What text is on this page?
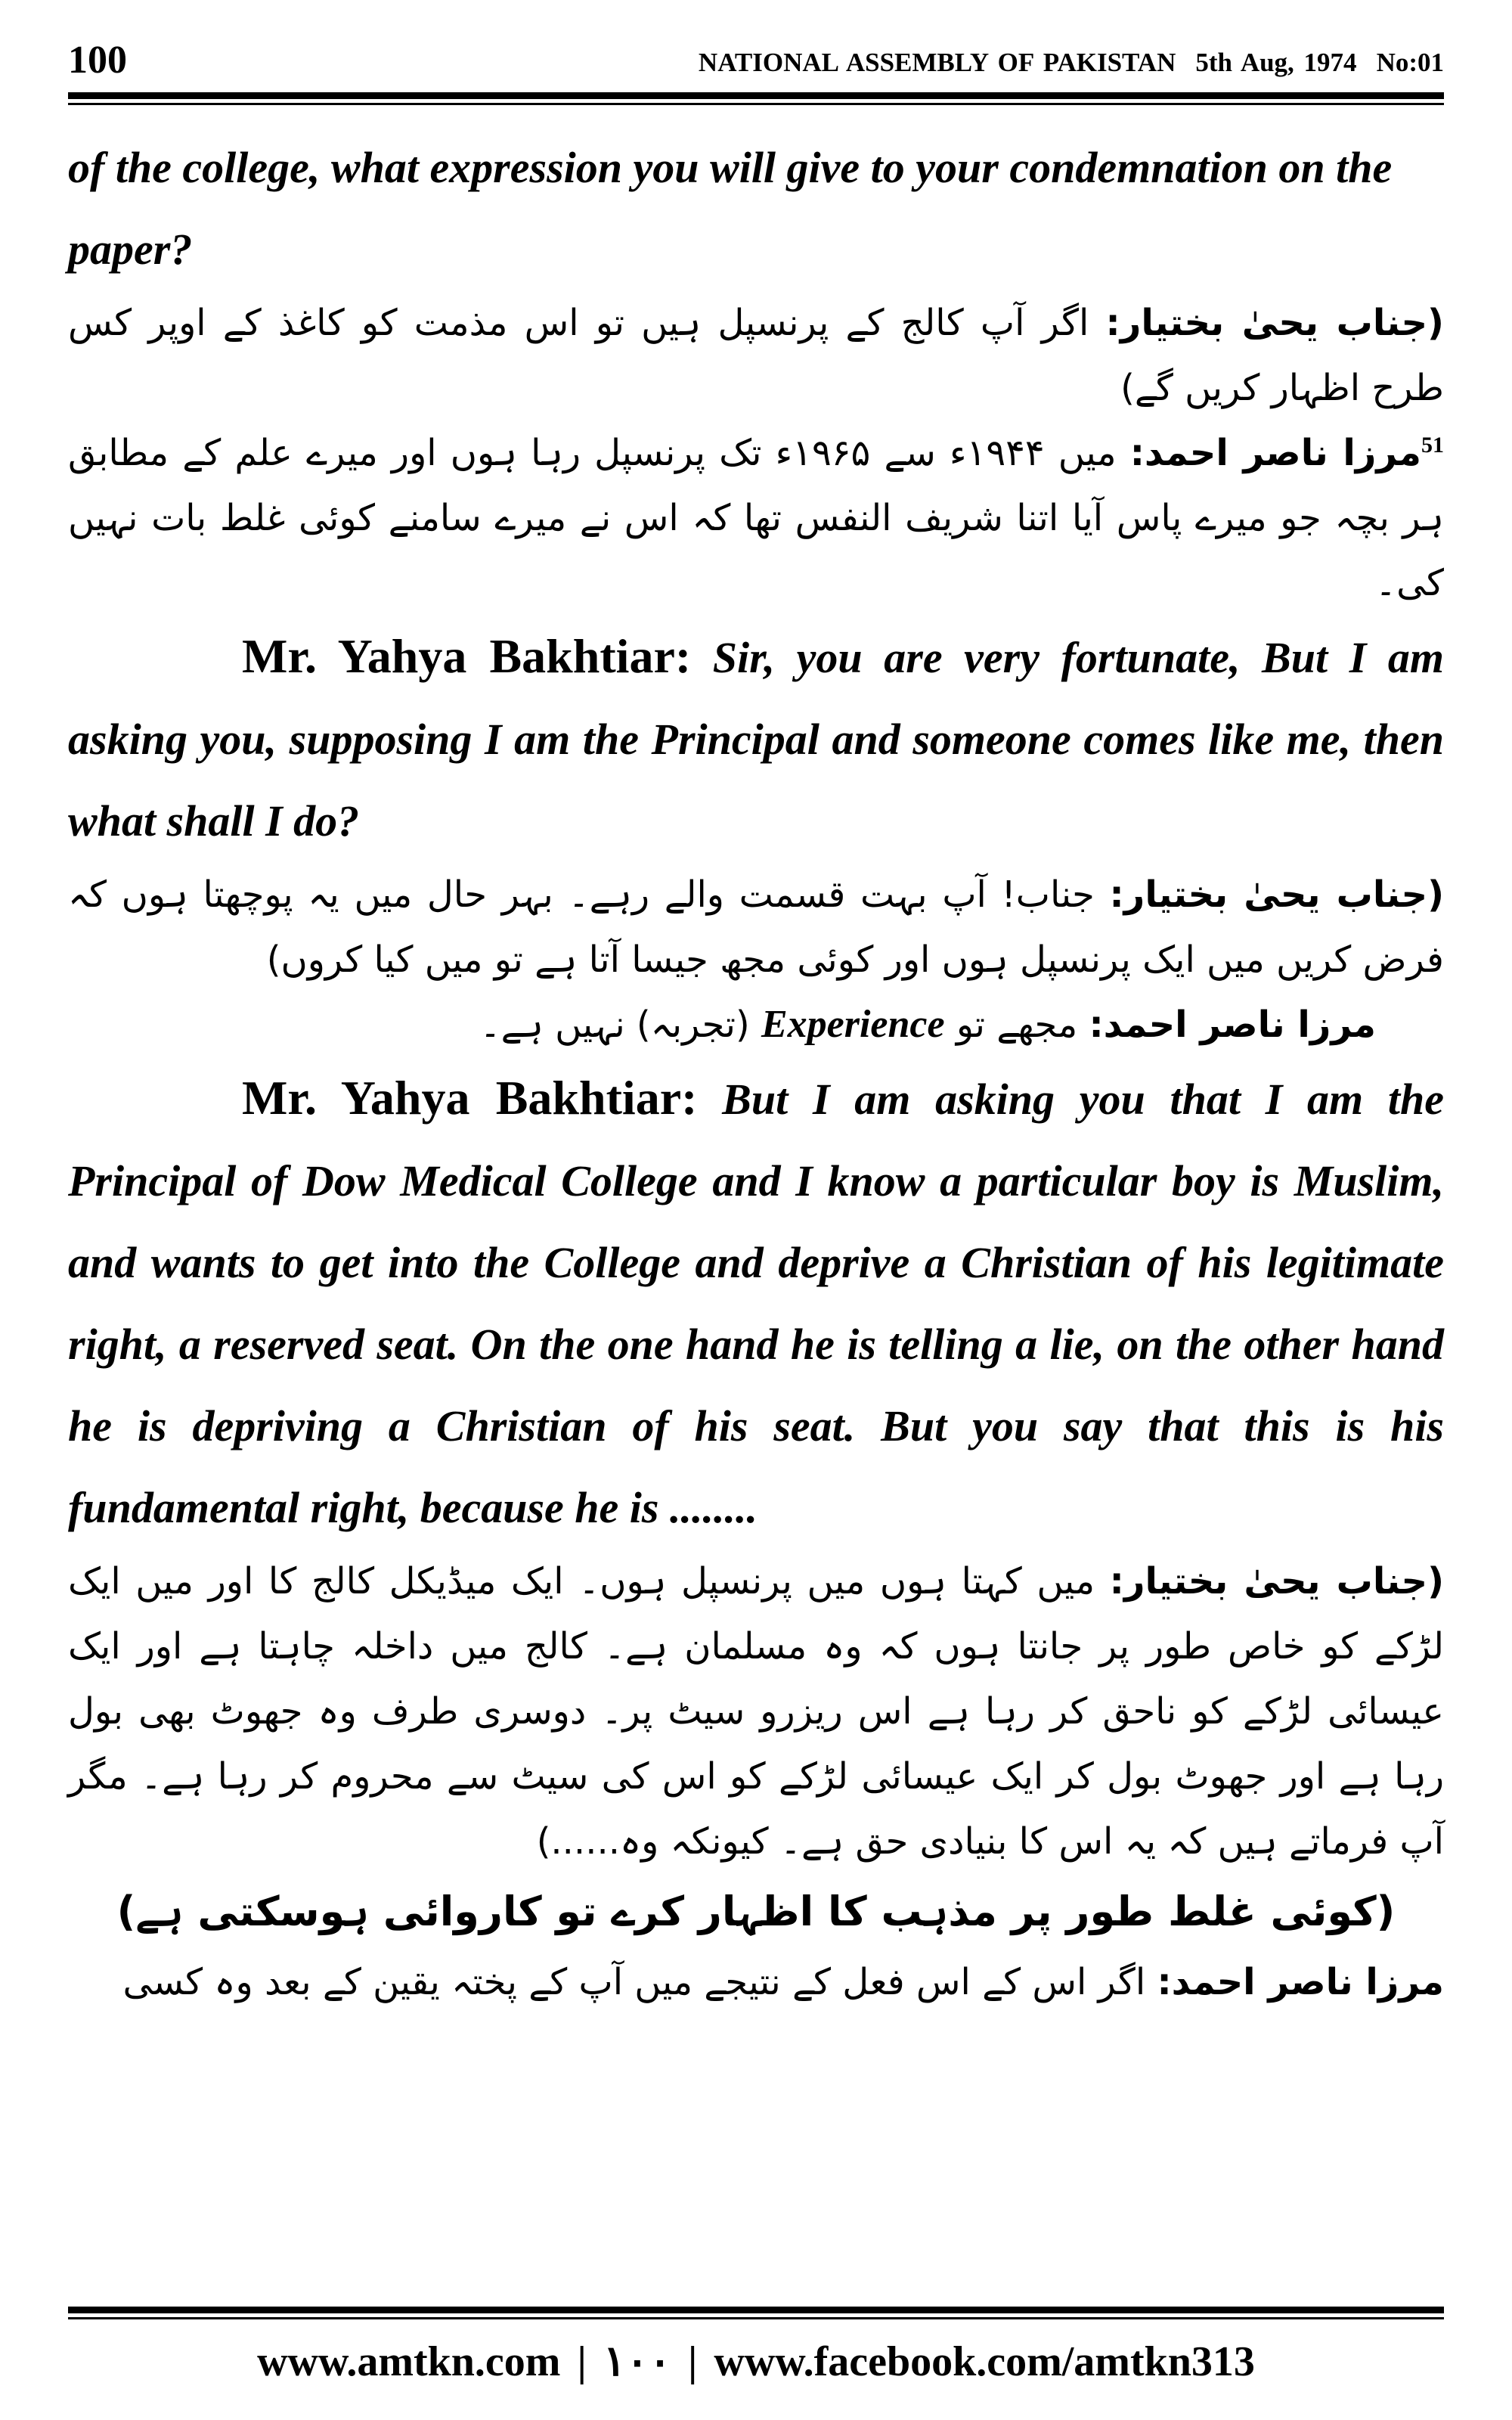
100	NATIONAL ASSEMBLY OF PAKISTAN 5th Aug, 1974 No:01

of the college, what expression you will give to your condemnation on the paper?

(جناب یحیٰ بختیار: اگر آپ کالج کے پرنسپل ہیں تو اس مذمت کو کاغذ کے اوپر کس طرح اظہار کریں گے)

$^{51}$مرزا ناصر احمد: میں ۱۹۴۴ء سے ۱۹۶۵ء تک پرنسپل رہا ہوں اور میرے علم کے مطابق ہر بچہ جو میرے پاس آیا اتنا شریف النفس تھا کہ اس نے میرے سامنے کوئی غلط بات نہیں کی۔

Mr. Yahya Bakhtiar: Sir, you are very fortunate, But I am asking you, supposing I am the Principal and someone comes like me, then what shall I do?

(جناب یحیٰ بختیار: جناب! آپ بہت قسمت والے رہے۔ بہر حال میں یہ پوچھتا ہوں کہ فرض کریں میں ایک پرنسپل ہوں اور کوئی مجھ جیسا آتا ہے تو میں کیا کروں)

مرزا ناصر احمد: مجھے تو Experience (تجربہ) نہیں ہے۔

Mr. Yahya Bakhtiar: But I am asking you that I am the Principal of Dow Medical College and I know a particular boy is Muslim, and wants to get into the College and deprive a Christian of his legitimate right, a reserved seat. On the one hand he is telling a lie, on the other hand he is depriving a Christian of his seat. But you say that this is his fundamental right, because he is ........

(جناب یحیٰ بختیار: میں کہتا ہوں میں پرنسپل ہوں۔ ایک میڈیکل کالج کا اور میں ایک لڑکے کو خاص طور پر جانتا ہوں کہ وہ مسلمان ہے۔ کالج میں داخلہ چاہتا ہے اور ایک عیسائی لڑکے کو ناحق کر رہا ہے اس ریزرو سیٹ پر۔ دوسری طرف وہ جھوٹ بھی بول رہا ہے اور جھوٹ بول کر ایک عیسائی لڑکے کو اس کی سیٹ سے محروم کر رہا ہے۔ مگر آپ فرماتے ہیں کہ یہ اس کا بنیادی حق ہے۔ کیونکہ وہ......)

(کوئی غلط طور پر مذہب کا اظہار کرے تو کاروائی ہوسکتی ہے)

مرزا ناصر احمد: اگر اس کے اس فعل کے نتیجے میں آپ کے پختہ یقین کے بعد وہ کسی

www.amtkn.com | ۱۰۰ | www.facebook.com/amtkn313
